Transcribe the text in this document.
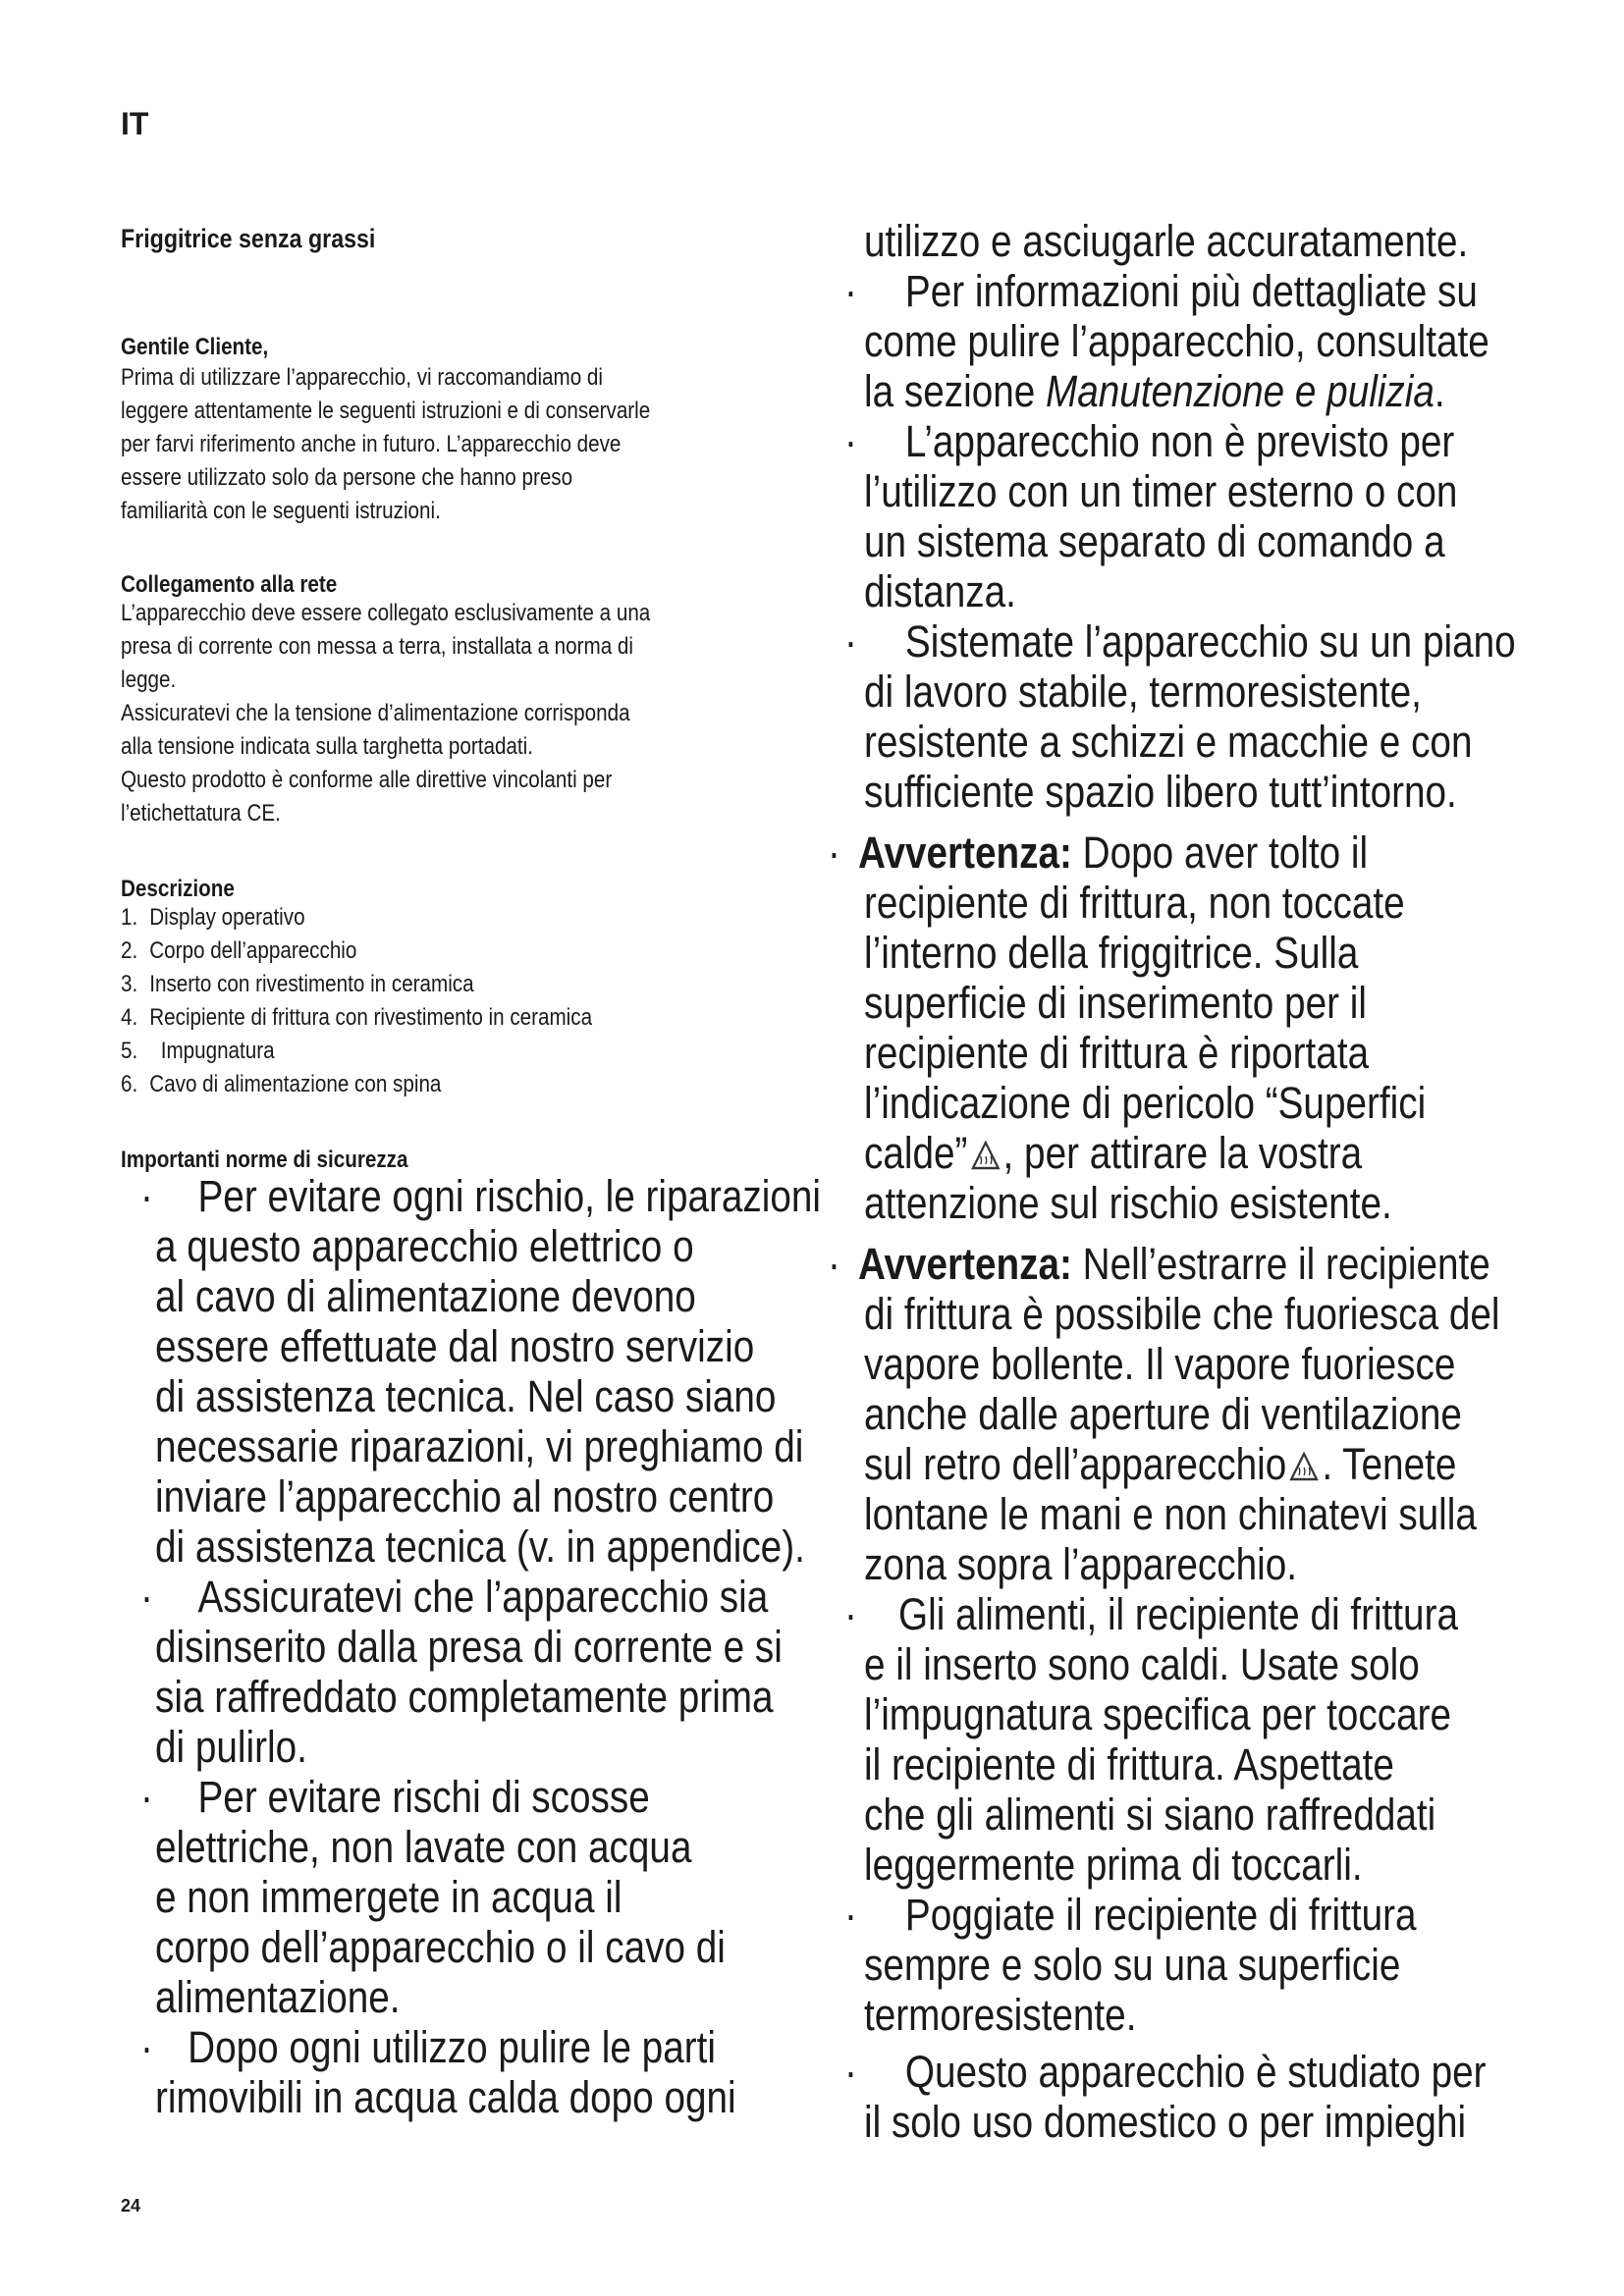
IT
Friggitrice senza grassi
Gentile Cliente,
Prima di utilizzare l’apparecchio, vi raccomandiamo di
leggere attentamente le seguenti istruzioni e di conservarle
per farvi riferimento anche in futuro. L’apparecchio deve
essere utilizzato solo da persone che hanno preso
familiarità con le seguenti istruzioni.
Collegamento alla rete
L’apparecchio deve essere collegato esclusivamente a una
presa di corrente con messa a terra, installata a norma di
legge.
Assicuratevi che la tensione d’alimentazione corrisponda
alla tensione indicata sulla targhetta portadati.
Questo prodotto è conforme alle direttive vincolanti per
l’etichettatura CE.
Descrizione
1. Display operativo
2. Corpo dell’apparecchio
3. Inserto con rivestimento in ceramica
4. Recipiente di frittura con rivestimento in ceramica
5.  Impugnatura
6. Cavo di alimentazione con spina
Importanti norme di sicurezza
· Per evitare ogni rischio, le riparazioni
a questo apparecchio elettrico o
al cavo di alimentazione devono
essere effettuate dal nostro servizio
di assistenza tecnica. Nel caso siano
necessarie riparazioni, vi preghiamo di
inviare l’apparecchio al nostro centro
di assistenza tecnica (v. in appendice).
· Assicuratevi che l’apparecchio sia
disinserito dalla presa di corrente e si
sia raffreddato completamente prima
di pulirlo.
· Per evitare rischi di scosse
elettriche, non lavate con acqua
e non immergete in acqua il
corpo dell’apparecchio o il cavo di
alimentazione.
· Dopo ogni utilizzo pulire le parti
rimovibili in acqua calda dopo ogni
utilizzo e asciugarle accuratamente.
· Per informazioni più dettagliate su
come pulire l’apparecchio, consultate
la sezione Manutenzione e pulizia.
· L’apparecchio non è previsto per
l’utilizzo con un timer esterno o con
un sistema separato di comando a
distanza.
· Sistemate l’apparecchio su un piano
di lavoro stabile, termoresistente,
resistente a schizzi e macchie e con
sufficiente spazio libero tutt’intorno.
· Avvertenza: Dopo aver tolto il
recipiente di frittura, non toccate
l’interno della friggitrice. Sulla
superficie di inserimento per il
recipiente di frittura è riportata
l’indicazione di pericolo “Superfici
calde” , per attirare la vostra
attenzione sul rischio esistente.
· Avvertenza: Nell’estrarre il recipiente
di frittura è possibile che fuoriesca del
vapore bollente. Il vapore fuoriesce
anche dalle aperture di ventilazione
sul retro dell’apparecchio . Tenete
lontane le mani e non chinatevi sulla
zona sopra l’apparecchio.
· Gli alimenti, il recipiente di frittura
e il inserto sono caldi. Usate solo
l’impugnatura specifica per toccare
il recipiente di frittura. Aspettate
che gli alimenti si siano raffreddati
leggermente prima di toccarli.
· Poggiate il recipiente di frittura
sempre e solo su una superficie
termoresistente.
· Questo apparecchio è studiato per
il solo uso domestico o per impieghi
24
